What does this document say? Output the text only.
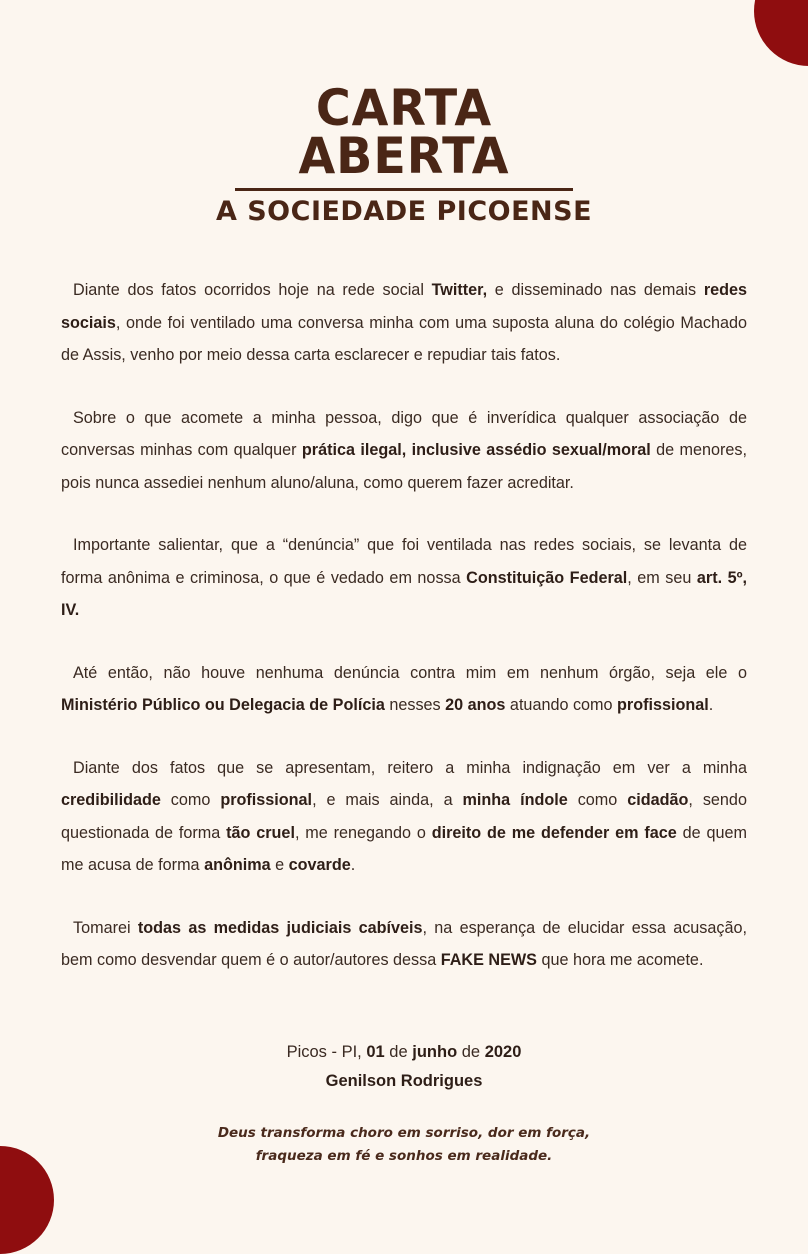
CARTA
ABERTA
A SOCIEDADE PICOENSE

Diante dos fatos ocorridos hoje na rede social Twitter, e disseminado nas demais redes sociais, onde foi ventilado uma conversa minha com uma suposta aluna do colégio Machado de Assis, venho por meio dessa carta esclarecer e repudiar tais fatos.

Sobre o que acomete a minha pessoa, digo que é inverídica qualquer associação de conversas minhas com qualquer prática ilegal, inclusive assédio sexual/moral de menores, pois nunca assediei nenhum aluno/aluna, como querem fazer acreditar.

Importante salientar, que a “denúncia” que foi ventilada nas redes sociais, se levanta de forma anônima e criminosa, o que é vedado em nossa Constituição Federal, em seu art. 5º, IV.

Até então, não houve nenhuma denúncia contra mim em nenhum órgão, seja ele o Ministério Público ou Delegacia de Polícia nesses 20 anos atuando como profissional.

Diante dos fatos que se apresentam, reitero a minha indignação em ver a minha credibilidade como profissional, e mais ainda, a minha índole como cidadão, sendo questionada de forma tão cruel, me renegando o direito de me defender em face de quem me acusa de forma anônima e covarde.

Tomarei todas as medidas judiciais cabíveis, na esperança de elucidar essa acusação, bem como desvendar quem é o autor/autores dessa FAKE NEWS que hora me acomete.

Picos - PI, 01 de junho de 2020
Genilson Rodrigues
Deus transforma choro em sorriso, dor em força,
fraqueza em fé e sonhos em realidade.
